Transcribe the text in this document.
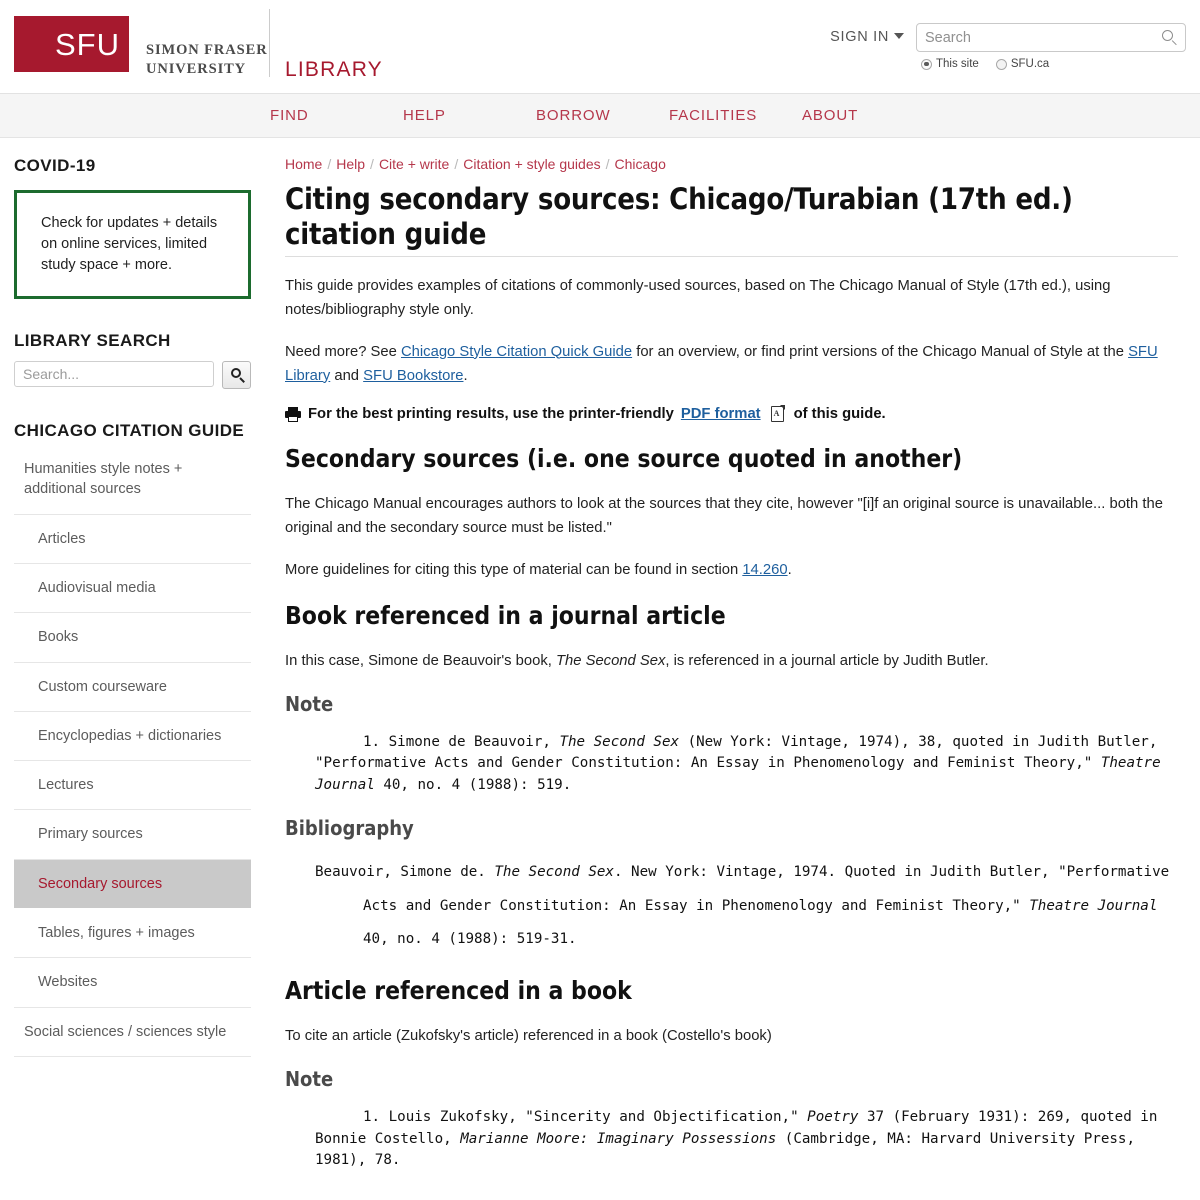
SFU	SIMON FRASER
UNIVERSITY	LIBRARY
SIGN IN
Search
This site	SFU.ca
FIND	HELP	BORROW	FACILITIES	ABOUT
COVID-19

Check for updates + details on online services, limited study space + more.

LIBRARY SEARCH
Search...
CHICAGO CITATION GUIDE
Humanities style notes + additional sources
Articles
Audiovisual media
Books
Custom courseware
Encyclopedias + dictionaries
Lectures
Primary sources
Secondary sources
Tables, figures + images
Websites
Social sciences / sciences style
Home / Help / Cite + write / Citation + style guides / Chicago
Citing secondary sources: Chicago/Turabian (17th ed.) citation guide

This guide provides examples of citations of commonly-used sources, based on The Chicago Manual of Style (17th ed.), using notes/bibliography style only.

Need more? See Chicago Style Citation Quick Guide for an overview, or find print versions of the Chicago Manual of Style at the SFU Library and SFU Bookstore.

For the best printing results, use the printer-friendly PDF format A of this guide.
Secondary sources (i.e. one source quoted in another)

The Chicago Manual encourages authors to look at the sources that they cite, however "[i]f an original source is unavailable... both the original and the secondary source must be listed."

More guidelines for citing this type of material can be found in section 14.260.

Book referenced in a journal article

In this case, Simone de Beauvoir's book, The Second Sex, is referenced in a journal article by Judith Butler.

Note
1. Simone de Beauvoir, The Second Sex (New York: Vintage, 1974), 38, quoted in Judith Butler, "Performative Acts and Gender Constitution: An Essay in Phenomenology and Feminist Theory," Theatre Journal 40, no. 4 (1988): 519.
Bibliography
Beauvoir, Simone de. The Second Sex. New York: Vintage, 1974. Quoted in Judith Butler, "Performative Acts and Gender Constitution: An Essay in Phenomenology and Feminist Theory," Theatre Journal 40, no. 4 (1988): 519-31.
Article referenced in a book

To cite an article (Zukofsky's article) referenced in a book (Costello's book)

Note
1. Louis Zukofsky, "Sincerity and Objectification," Poetry 37 (February 1931): 269, quoted in Bonnie Costello, Marianne Moore: Imaginary Possessions (Cambridge, MA: Harvard University Press, 1981), 78.
